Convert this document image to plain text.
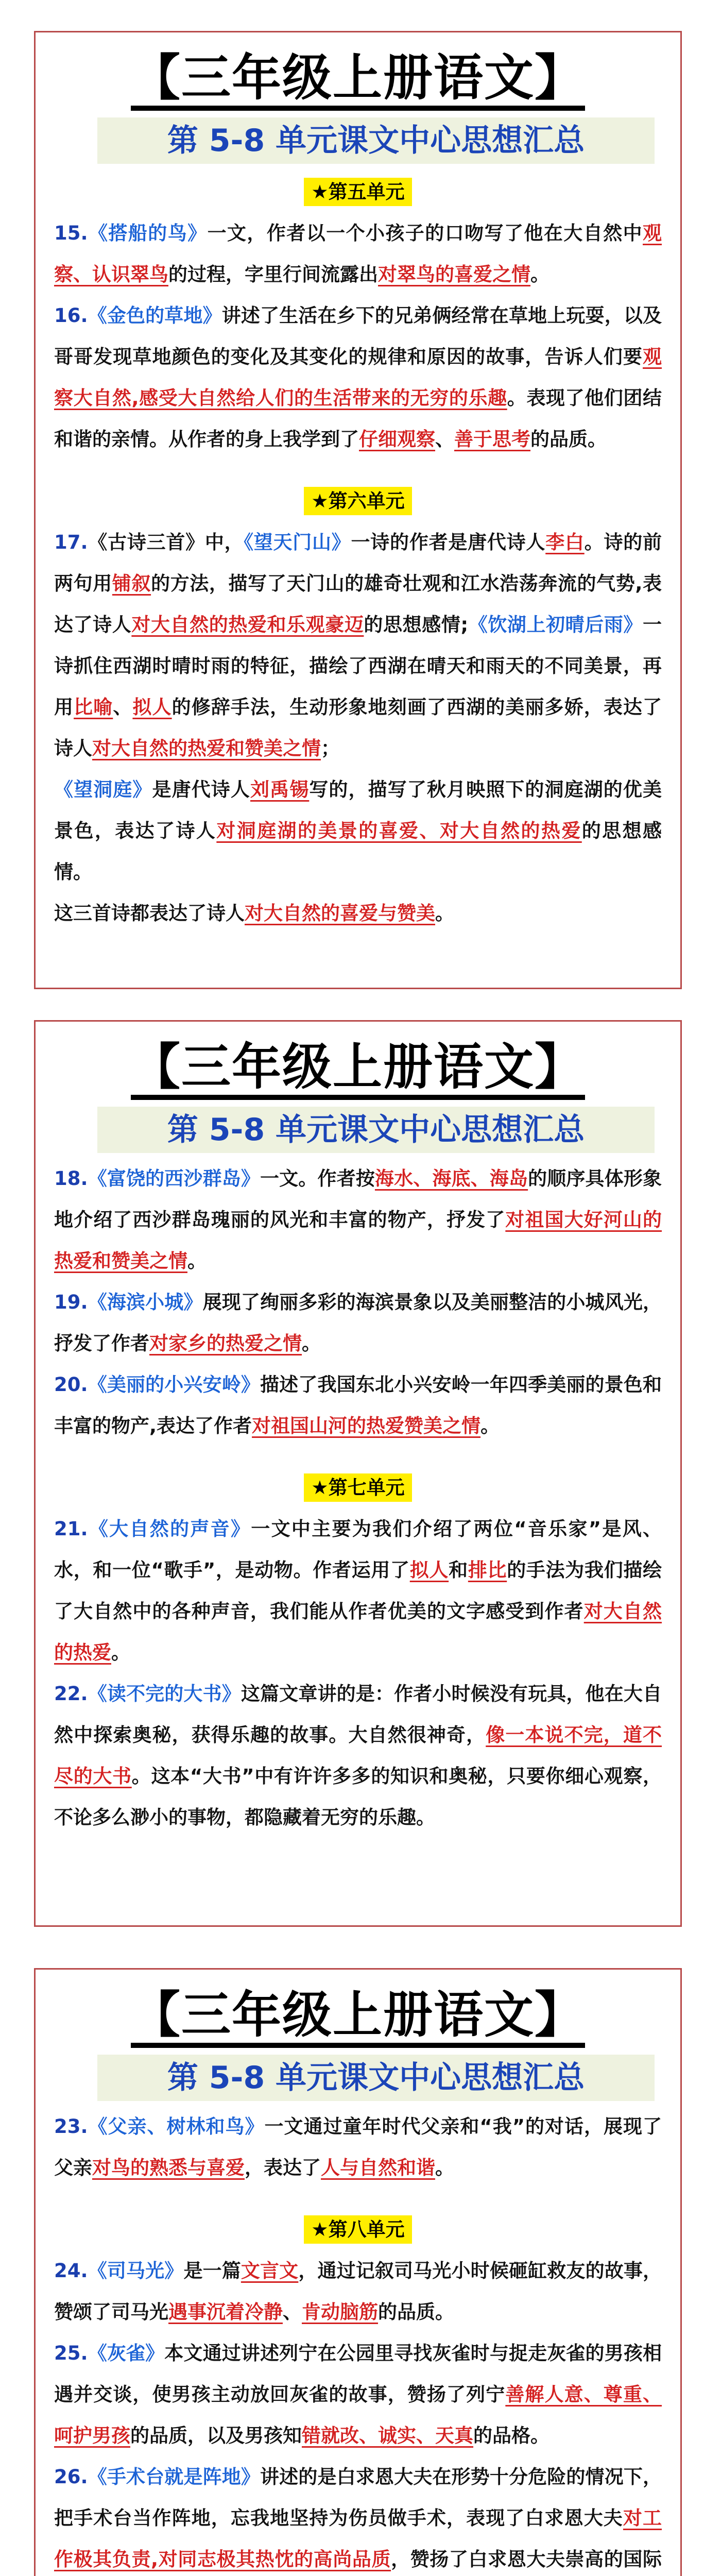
【三年级上册语文】
第 5-8 单元课文中心思想汇总

★第五单元

15.《搭船的鸟》一文，作者以一个小孩子的口吻写了他在大自然中观察、认识翠鸟的过程，字里行间流露出对翠鸟的喜爱之情。

16.《金色的草地》讲述了生活在乡下的兄弟俩经常在草地上玩耍，以及哥哥发现草地颜色的变化及其变化的规律和原因的故事，告诉人们要观察大自然,感受大自然给人们的生活带来的无穷的乐趣。表现了他们团结和谐的亲情。从作者的身上我学到了仔细观察、善于思考的品质。

★第六单元

17.《古诗三首》中，《望天门山》一诗的作者是唐代诗人李白。诗的前两句用铺叙的方法，描写了天门山的雄奇壮观和江水浩荡奔流的气势,表达了诗人对大自然的热爱和乐观豪迈的思想感情;《饮湖上初晴后雨》一诗抓住西湖时晴时雨的特征，描绘了西湖在晴天和雨天的不同美景，再用比喻、拟人的修辞手法，生动形象地刻画了西湖的美丽多娇，表达了诗人对大自然的热爱和赞美之情；
《望洞庭》是唐代诗人刘禹锡写的，描写了秋月映照下的洞庭湖的优美景色，表达了诗人对洞庭湖的美景的喜爱、对大自然的热爱的思想感情。
这三首诗都表达了诗人对大自然的喜爱与赞美。

【三年级上册语文】
第 5-8 单元课文中心思想汇总

18.《富饶的西沙群岛》一文。作者按海水、海底、海岛的顺序具体形象地介绍了西沙群岛瑰丽的风光和丰富的物产，抒发了对祖国大好河山的热爱和赞美之情。

19.《海滨小城》展现了绚丽多彩的海滨景象以及美丽整洁的小城风光，抒发了作者对家乡的热爱之情。

20.《美丽的小兴安岭》描述了我国东北小兴安岭一年四季美丽的景色和丰富的物产,表达了作者对祖国山河的热爱赞美之情。

★第七单元

21.《大自然的声音》一文中主要为我们介绍了两位“音乐家”是风、水，和一位“歌手”，是动物。作者运用了拟人和排比的手法为我们描绘了大自然中的各种声音，我们能从作者优美的文字感受到作者对大自然的热爱。

22.《读不完的大书》这篇文章讲的是：作者小时候没有玩具，他在大自然中探索奥秘，获得乐趣的故事。大自然很神奇，像一本说不完，道不尽的大书。这本“大书”中有许许多多的知识和奥秘，只要你细心观察，不论多么渺小的事物，都隐藏着无穷的乐趣。

【三年级上册语文】
第 5-8 单元课文中心思想汇总

23.《父亲、树林和鸟》一文通过童年时代父亲和“我”的对话，展现了父亲对鸟的熟悉与喜爱，表达了人与自然和谐。

★第八单元

24.《司马光》是一篇文言文，通过记叙司马光小时候砸缸救友的故事，赞颂了司马光遇事沉着冷静、肯动脑筋的品质。

25.《灰雀》本文通过讲述列宁在公园里寻找灰雀时与捉走灰雀的男孩相遇并交谈，使男孩主动放回灰雀的故事，赞扬了列宁善解人意、尊重、呵护男孩的品质，以及男孩知错就改、诚实、天真的品格。

26.《手术台就是阵地》讲述的是白求恩大夫在形势十分危险的情况下，把手术台当作阵地，忘我地坚持为伤员做手术，表现了白求恩大夫对工作极其负责,对同志极其热忱的高尚品质，赞扬了白求恩大夫崇高的国际
